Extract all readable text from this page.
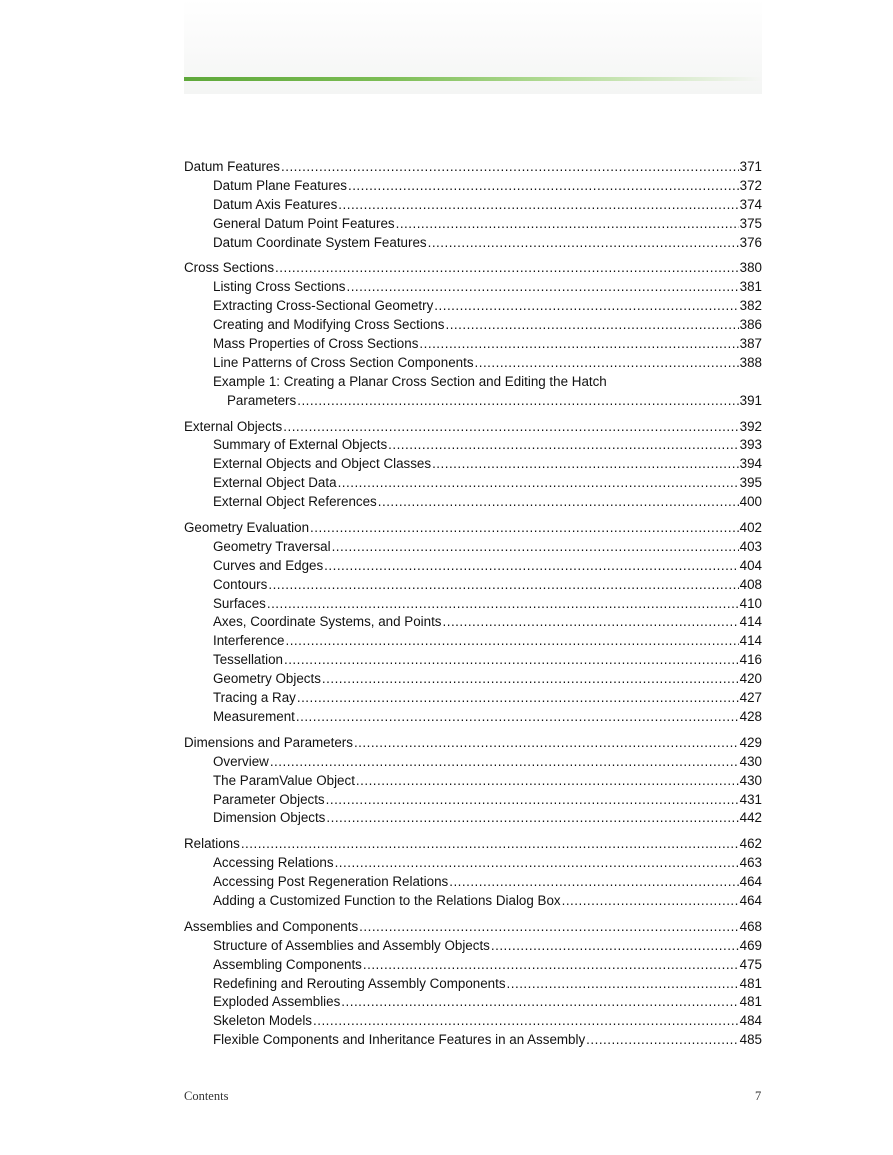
Datum Features .....	371
Datum Plane Features .....	372
Datum Axis Features .....	374
General Datum Point Features .....	375
Datum Coordinate System Features .....	376
Cross Sections .....	380
Listing Cross Sections .....	381
Extracting Cross-Sectional Geometry .....	382
Creating and Modifying Cross Sections .....	386
Mass Properties of Cross Sections .....	387
Line Patterns of Cross Section Components .....	388
Example 1: Creating a Planar Cross Section and Editing the Hatch
Parameters .....	391
External Objects .....	392
Summary of External Objects .....	393
External Objects and Object Classes .....	394
External Object Data .....	395
External Object References .....	400
Geometry Evaluation .....	402
Geometry Traversal .....	403
Curves and Edges .....	404
Contours .....	408
Surfaces .....	410
Axes, Coordinate Systems, and Points .....	414
Interference .....	414
Tessellation .....	416
Geometry Objects .....	420
Tracing a Ray .....	427
Measurement .....	428
Dimensions and Parameters .....	429
Overview .....	430
The ParamValue Object .....	430
Parameter Objects .....	431
Dimension Objects .....	442
Relations .....	462
Accessing Relations .....	463
Accessing Post Regeneration Relations .....	464
Adding a Customized Function to the Relations Dialog Box .....	464
Assemblies and Components .....	468
Structure of Assemblies and Assembly Objects .....	469
Assembling Components .....	475
Redefining and Rerouting Assembly Components .....	481
Exploded Assemblies .....	481
Skeleton Models .....	484
Flexible Components and Inheritance Features in an Assembly .....	485
Contents	7
